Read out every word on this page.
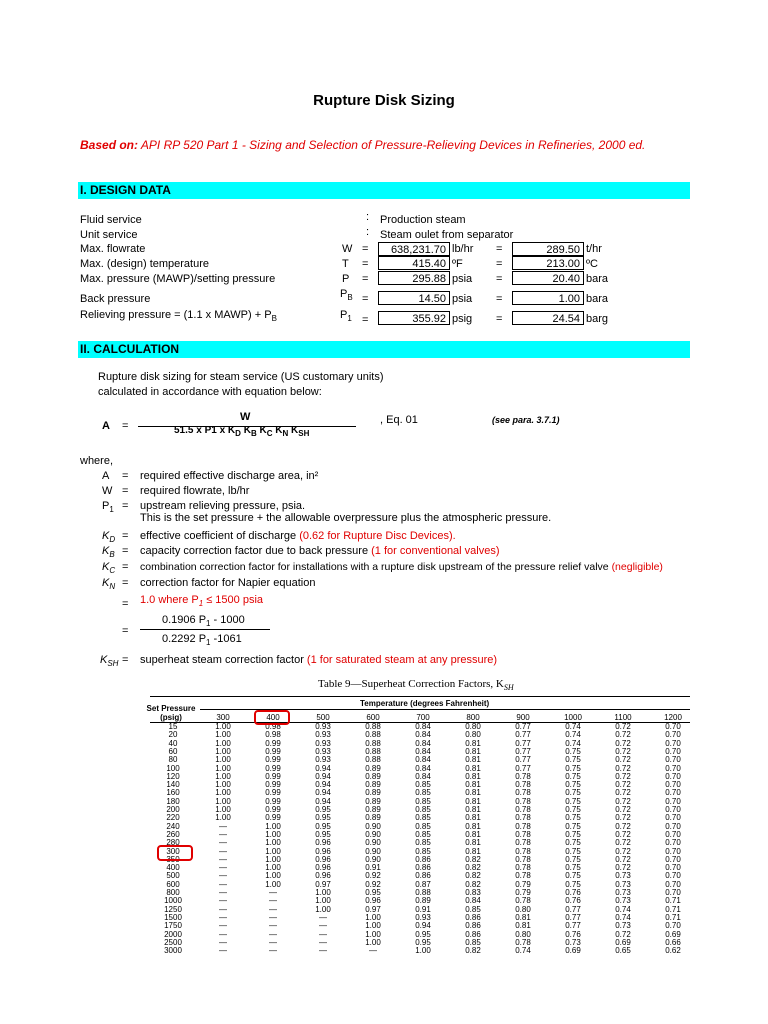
Rupture Disk Sizing
Based on: API RP 520 Part 1 - Sizing and Selection of Pressure-Relieving Devices in Refineries, 2000 ed.
I. DESIGN DATA
Fluid service	: Production steam
Unit service	: Steam oulet from separator
Max. flowrate	W =	638,231.70 lb/hr =	289.50 t/hr
Max. (design) temperature	T =	415.40 ºF	=	213.00 ºC
Max. pressure (MAWP)/setting pressure	P =	295.88 psia =	20.40 bara
Back pressure	$P_B$ =	14.50 psia =	1.00 bara
Relieving pressure = (1.1 x MAWP) + $P_B$	$P_1$ =	355.92 psig =	24.54 barg
II. CALCULATION
Rupture disk sizing for steam service (US customary units)
calculated in accordance with equation below:
A =
W
51.5 x P1 x $K_D$ $K_B$ $K_C$ $K_N$ $K_{SH}$
, Eq. 01	(see para. 3.7.1)
where,
A = required effective discharge area, in²
W = required flowrate, lb/hr
$P_1$ = upstream relieving pressure, psia.
This is the set pressure + the allowable overpressure plus the atmospheric pressure.
$K_D$ = effective coefficient of discharge (0.62 for Rupture Disc Devices).
$K_B$ = capacity correction factor due to back pressure (1 for conventional valves)
$K_C$ = combination correction factor for installations with a rupture disk upstream of the pressure relief valve (negligible)
$K_N$ = correction factor for Napier equation
= 1.0 where $P_1 \le 1500$ psia
0.1906 $P_1 - 1000$
=
0.2292 $P_1$ -1061
$K_{SH}$ = superheat steam correction factor (1 for saturated steam at any pressure)
Table 9—Superheat Correction Factors, $K_{SH}$
Set Pressure
(psig)
Temperature (degrees Fahrenheit)
300	400	500	600	700	800	900	1000	1100	1200
15	1.00	0.98	0.93	0.88	0.84	0.80	0.77	0.74	0.72	0.70
20	1.00	0.98	0.93	0.88	0.84	0.80	0.77	0.74	0.72	0.70
40	1.00	0.99	0.93	0.88	0.84	0.81	0.77	0.74	0.72	0.70
60	1.00	0.99	0.93	0.88	0.84	0.81	0.77	0.75	0.72	0.70
80	1.00	0.99	0.93	0.88	0.84	0.81	0.77	0.75	0.72	0.70
100	1.00	0.99	0.94	0.89	0.84	0.81	0.77	0.75	0.72	0.70
120	1.00	0.99	0.94	0.89	0.84	0.81	0.78	0.75	0.72	0.70
140	1.00	0.99	0.94	0.89	0.85	0.81	0.78	0.75	0.72	0.70
160	1.00	0.99	0.94	0.89	0.85	0.81	0.78	0.75	0.72	0.70
180	1.00	0.99	0.94	0.89	0.85	0.81	0.78	0.75	0.72	0.70
200	1.00	0.99	0.95	0.89	0.85	0.81	0.78	0.75	0.72	0.70
220	1.00	0.99	0.95	0.89	0.85	0.81	0.78	0.75	0.72	0.70
240	—	1.00	0.95	0.90	0.85	0.81	0.78	0.75	0.72	0.70
260	—	1.00	0.95	0.90	0.85	0.81	0.78	0.75	0.72	0.70
280	—	1.00	0.96	0.90	0.85	0.81	0.78	0.75	0.72	0.70
300	—	1.00	0.96	0.90	0.85	0.81	0.78	0.75	0.72	0.70
350	—	1.00	0.96	0.90	0.86	0.82	0.78	0.75	0.72	0.70
400	—	1.00	0.96	0.91	0.86	0.82	0.78	0.75	0.72	0.70
500	—	1.00	0.96	0.92	0.86	0.82	0.78	0.75	0.73	0.70
600	—	1.00	0.97	0.92	0.87	0.82	0.79	0.75	0.73	0.70
800	—	—	1.00	0.95	0.88	0.83	0.79	0.76	0.73	0.70
1000	—	—	1.00	0.96	0.89	0.84	0.78	0.76	0.73	0.71
1250	—	—	1.00	0.97	0.91	0.85	0.80	0.77	0.74	0.71
1500	—	—	—	1.00	0.93	0.86	0.81	0.77	0.74	0.71
1750	—	—	—	1.00	0.94	0.86	0.81	0.77	0.73	0.70
2000	—	—	—	1.00	0.95	0.86	0.80	0.76	0.72	0.69
2500	—	—	—	1.00	0.95	0.85	0.78	0.73	0.69	0.66
3000	—	—	—	—	1.00	0.82	0.74	0.69	0.65	0.62
